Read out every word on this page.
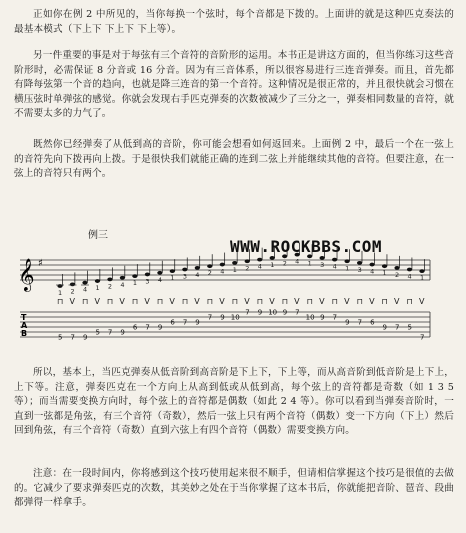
正如你在例 2 中所见的，当你每换一个弦时，每个音都是下拨的。上面讲的就是这种匹克奏法的最基本模式（下上下 下上下 下上等）。

另一件重要的事是对于每弦有三个音符的音阶形的运用。本书正是讲这方面的，但当你练习这些音阶形时，必需保证 8 分音或 16 分音。因为有三音体系，所以很容易进行三连音弹奏。而且，首先都有降每弦第一个音的趋向，也就是降三连音的第一个音符。这种情况是很正常的，并且很快就会习惯在横压弦时单弹弦的感觉。你就会发现右手匹克弹奏的次数被减少了三分之一，弹奏相同数量的音符，就不需要太多的力气了。

既然你已经弹奏了从低到高的音阶，你可能会想看如何返回来。上面例 2 中，最后一个在一弦上的音符先向下拨再向上拨。于是很快我们就能正确的连到二弦上并能继续其他的音符。但要注意，在一弦上的音符只有两个。

例三
𝄞 ♯
1 2 4 1 2 4 1 3 4 1 3 4 2 4 1 2 4 1 2 4 1 3 4 1 3 4 1 2 4 1
⊓ V ⊓ V ⊓ V ⊓ V ⊓ V ⊓ V ⊓ V ⊓ V ⊓ V ⊓ V ⊓ V ⊓ V ⊓ V ⊓ V ⊓ V
T
A
B	5 7 9
5 7 9
6 7 9
6 7 9
7 9 10
7 9 10 9 7
10 9 7
9 7 6
9 7 5
7
WWW.ROCKBBS.COM

所以，基本上，当匹克弹奏从低音阶到高音阶是下上下，下上等，而从高音阶到低音阶是上下上，上下等。注意，弹奏匹克在一个方向上从高到低或从低到高，每个弦上的音符都是奇数（如 1 3 5 等）；而当需要变换方向时，每个弦上的音符都是偶数（如此 2 4 等）。你可以看到当弹奏音阶时，一直到一弦都是角弦，有三个音符（奇数），然后一弦上只有两个音符（偶数）变一下方向（下上）然后回到角弦，有三个音符（奇数）直到六弦上有四个音符（偶数）需要变换方向。

注意：在一段时间内，你将感到这个技巧使用起来很不顺手，但请相信掌握这个技巧是很值的去做的。它减少了要求弹奏匹克的次数，其美妙之处在于当你掌握了这本书后，你就能把音阶、琶音、段曲都弹得一样拿手。
